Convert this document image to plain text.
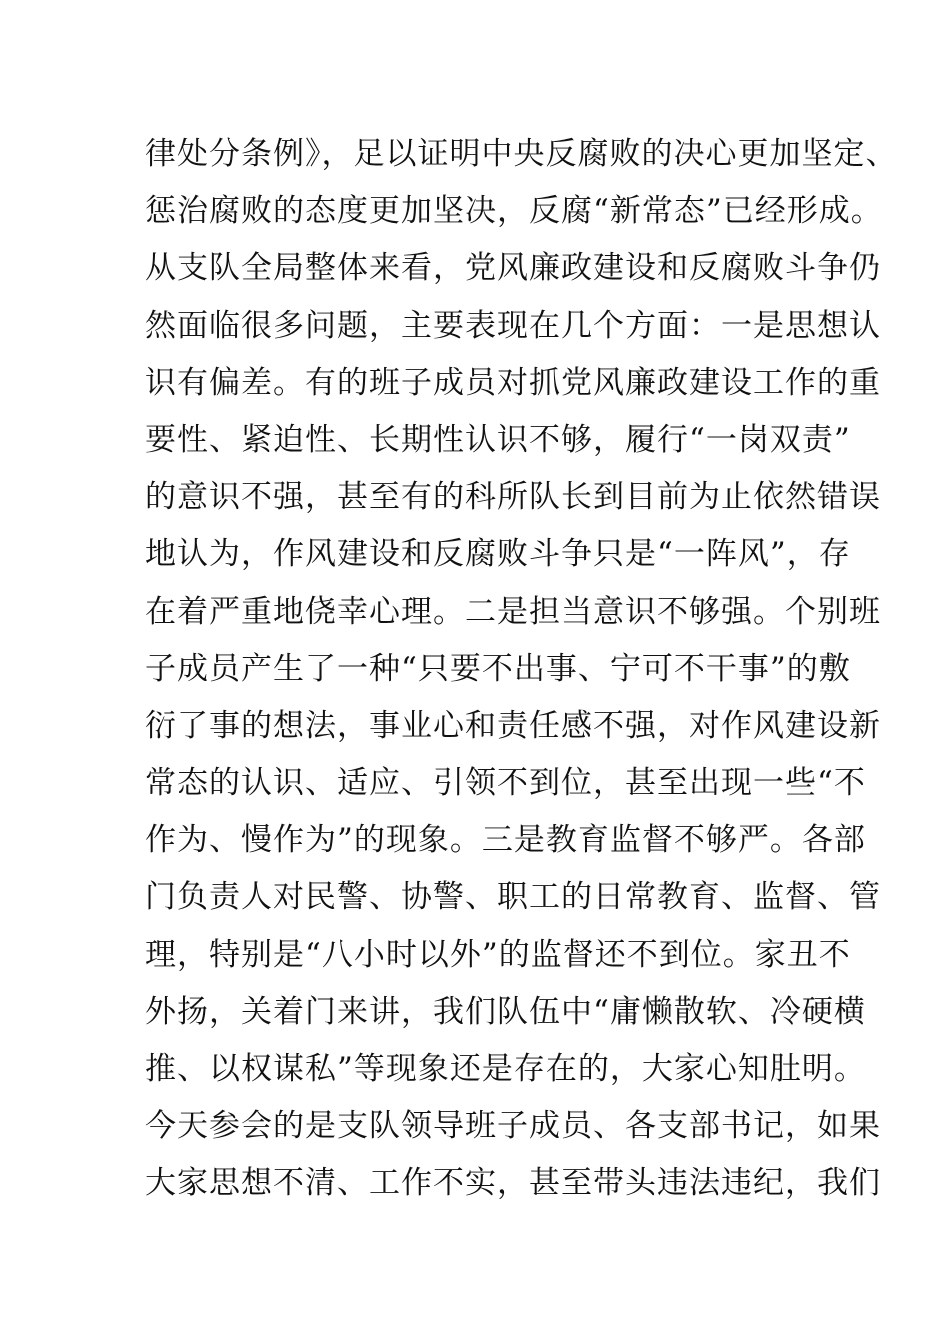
律处分条例》，足以证明中央反腐败的决心更加坚定、
惩治腐败的态度更加坚决，反腐“新常态”已经形成。
从支队全局整体来看，党风廉政建设和反腐败斗争仍
然面临很多问题，主要表现在几个方面：一是思想认
识有偏差。有的班子成员对抓党风廉政建设工作的重
要性、紧迫性、长期性认识不够，履行“一岗双责”
的意识不强，甚至有的科所队长到目前为止依然错误
地认为，作风建设和反腐败斗争只是“一阵风”，存
在着严重地侥幸心理。二是担当意识不够强。个别班
子成员产生了一种“只要不出事、宁可不干事”的敷
衍了事的想法，事业心和责任感不强，对作风建设新
常态的认识、适应、引领不到位，甚至出现一些“不
作为、慢作为”的现象。三是教育监督不够严。各部
门负责人对民警、协警、职工的日常教育、监督、管
理，特别是“八小时以外”的监督还不到位。家丑不
外扬，关着门来讲，我们队伍中“庸懒散软、冷硬横
推、以权谋私”等现象还是存在的，大家心知肚明。
今天参会的是支队领导班子成员、各支部书记，如果
大家思想不清、工作不实，甚至带头违法违纪，我们
